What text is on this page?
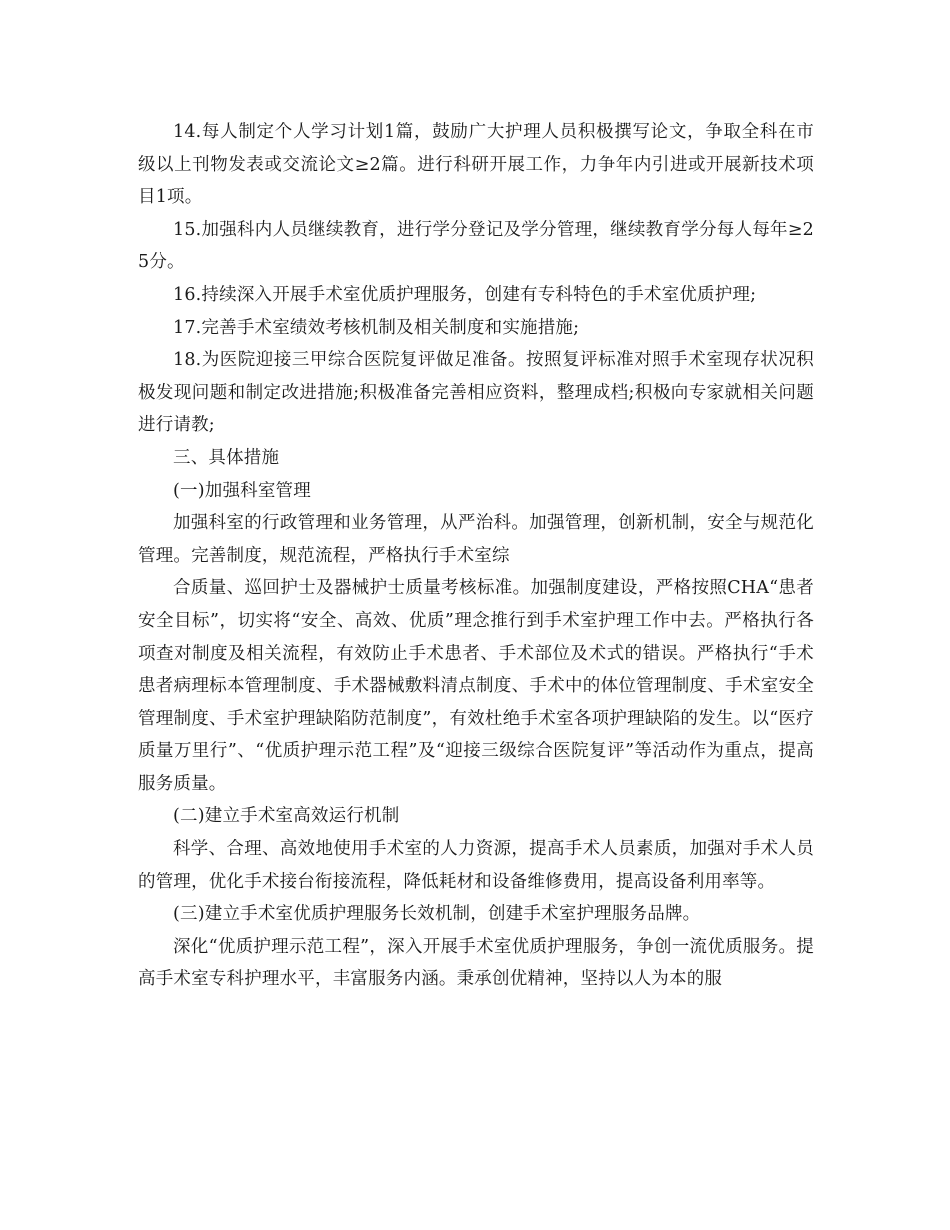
14.每人制定个人学习计划1篇，鼓励广大护理人员积极撰写论文，争取全科在市级以上刊物发表或交流论文≥2篇。进行科研开展工作，力争年内引进或开展新技术项目1项。

15.加强科内人员继续教育，进行学分登记及学分管理，继续教育学分每人每年≥25分。

16.持续深入开展手术室优质护理服务，创建有专科特色的手术室优质护理;

17.完善手术室绩效考核机制及相关制度和实施措施;

18.为医院迎接三甲综合医院复评做足准备。按照复评标准对照手术室现存状况积极发现问题和制定改进措施;积极准备完善相应资料，整理成档;积极向专家就相关问题进行请教;

三、具体措施

(一)加强科室管理

加强科室的行政管理和业务管理，从严治科。加强管理，创新机制，安全与规范化管理。完善制度，规范流程，严格执行手术室综

合质量、巡回护士及器械护士质量考核标准。加强制度建设，严格按照CHA“患者安全目标”，切实将“安全、高效、优质”理念推行到手术室护理工作中去。严格执行各项查对制度及相关流程，有效防止手术患者、手术部位及术式的错误。严格执行“手术患者病理标本管理制度、手术器械敷料清点制度、手术中的体位管理制度、手术室安全管理制度、手术室护理缺陷防范制度”，有效杜绝手术室各项护理缺陷的发生。以“医疗质量万里行”、“优质护理示范工程”及“迎接三级综合医院复评”等活动作为重点，提高服务质量。

(二)建立手术室高效运行机制

科学、合理、高效地使用手术室的人力资源，提高手术人员素质，加强对手术人员的管理，优化手术接台衔接流程，降低耗材和设备维修费用，提高设备利用率等。

(三)建立手术室优质护理服务长效机制，创建手术室护理服务品牌。

深化“优质护理示范工程”，深入开展手术室优质护理服务，争创一流优质服务。提高手术室专科护理水平，丰富服务内涵。秉承创优精神，坚持以人为本的服
